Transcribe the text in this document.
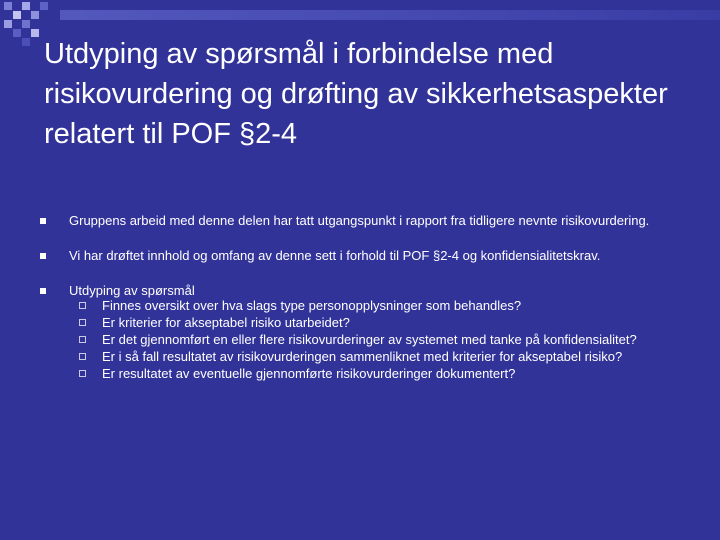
Utdyping av spørsmål i forbindelse med risikovurdering og drøfting av sikkerhetsaspekter relatert til POF §2-4
Gruppens arbeid med denne delen har tatt utgangspunkt i rapport fra tidligere nevnte risikovurdering.
Vi har drøftet innhold og omfang av denne sett i forhold til POF §2-4 og konfidensialitetskrav.
Utdyping av spørsmål
Finnes oversikt over hva slags type personopplysninger som behandles?
Er kriterier for akseptabel risiko utarbeidet?
Er det gjennomført en eller flere risikovurderinger av systemet med tanke på konfidensialitet?
Er i så fall resultatet av risikovurderingen sammenliknet med kriterier for akseptabel risiko?
Er resultatet av eventuelle gjennomførte risikovurderinger dokumentert?
